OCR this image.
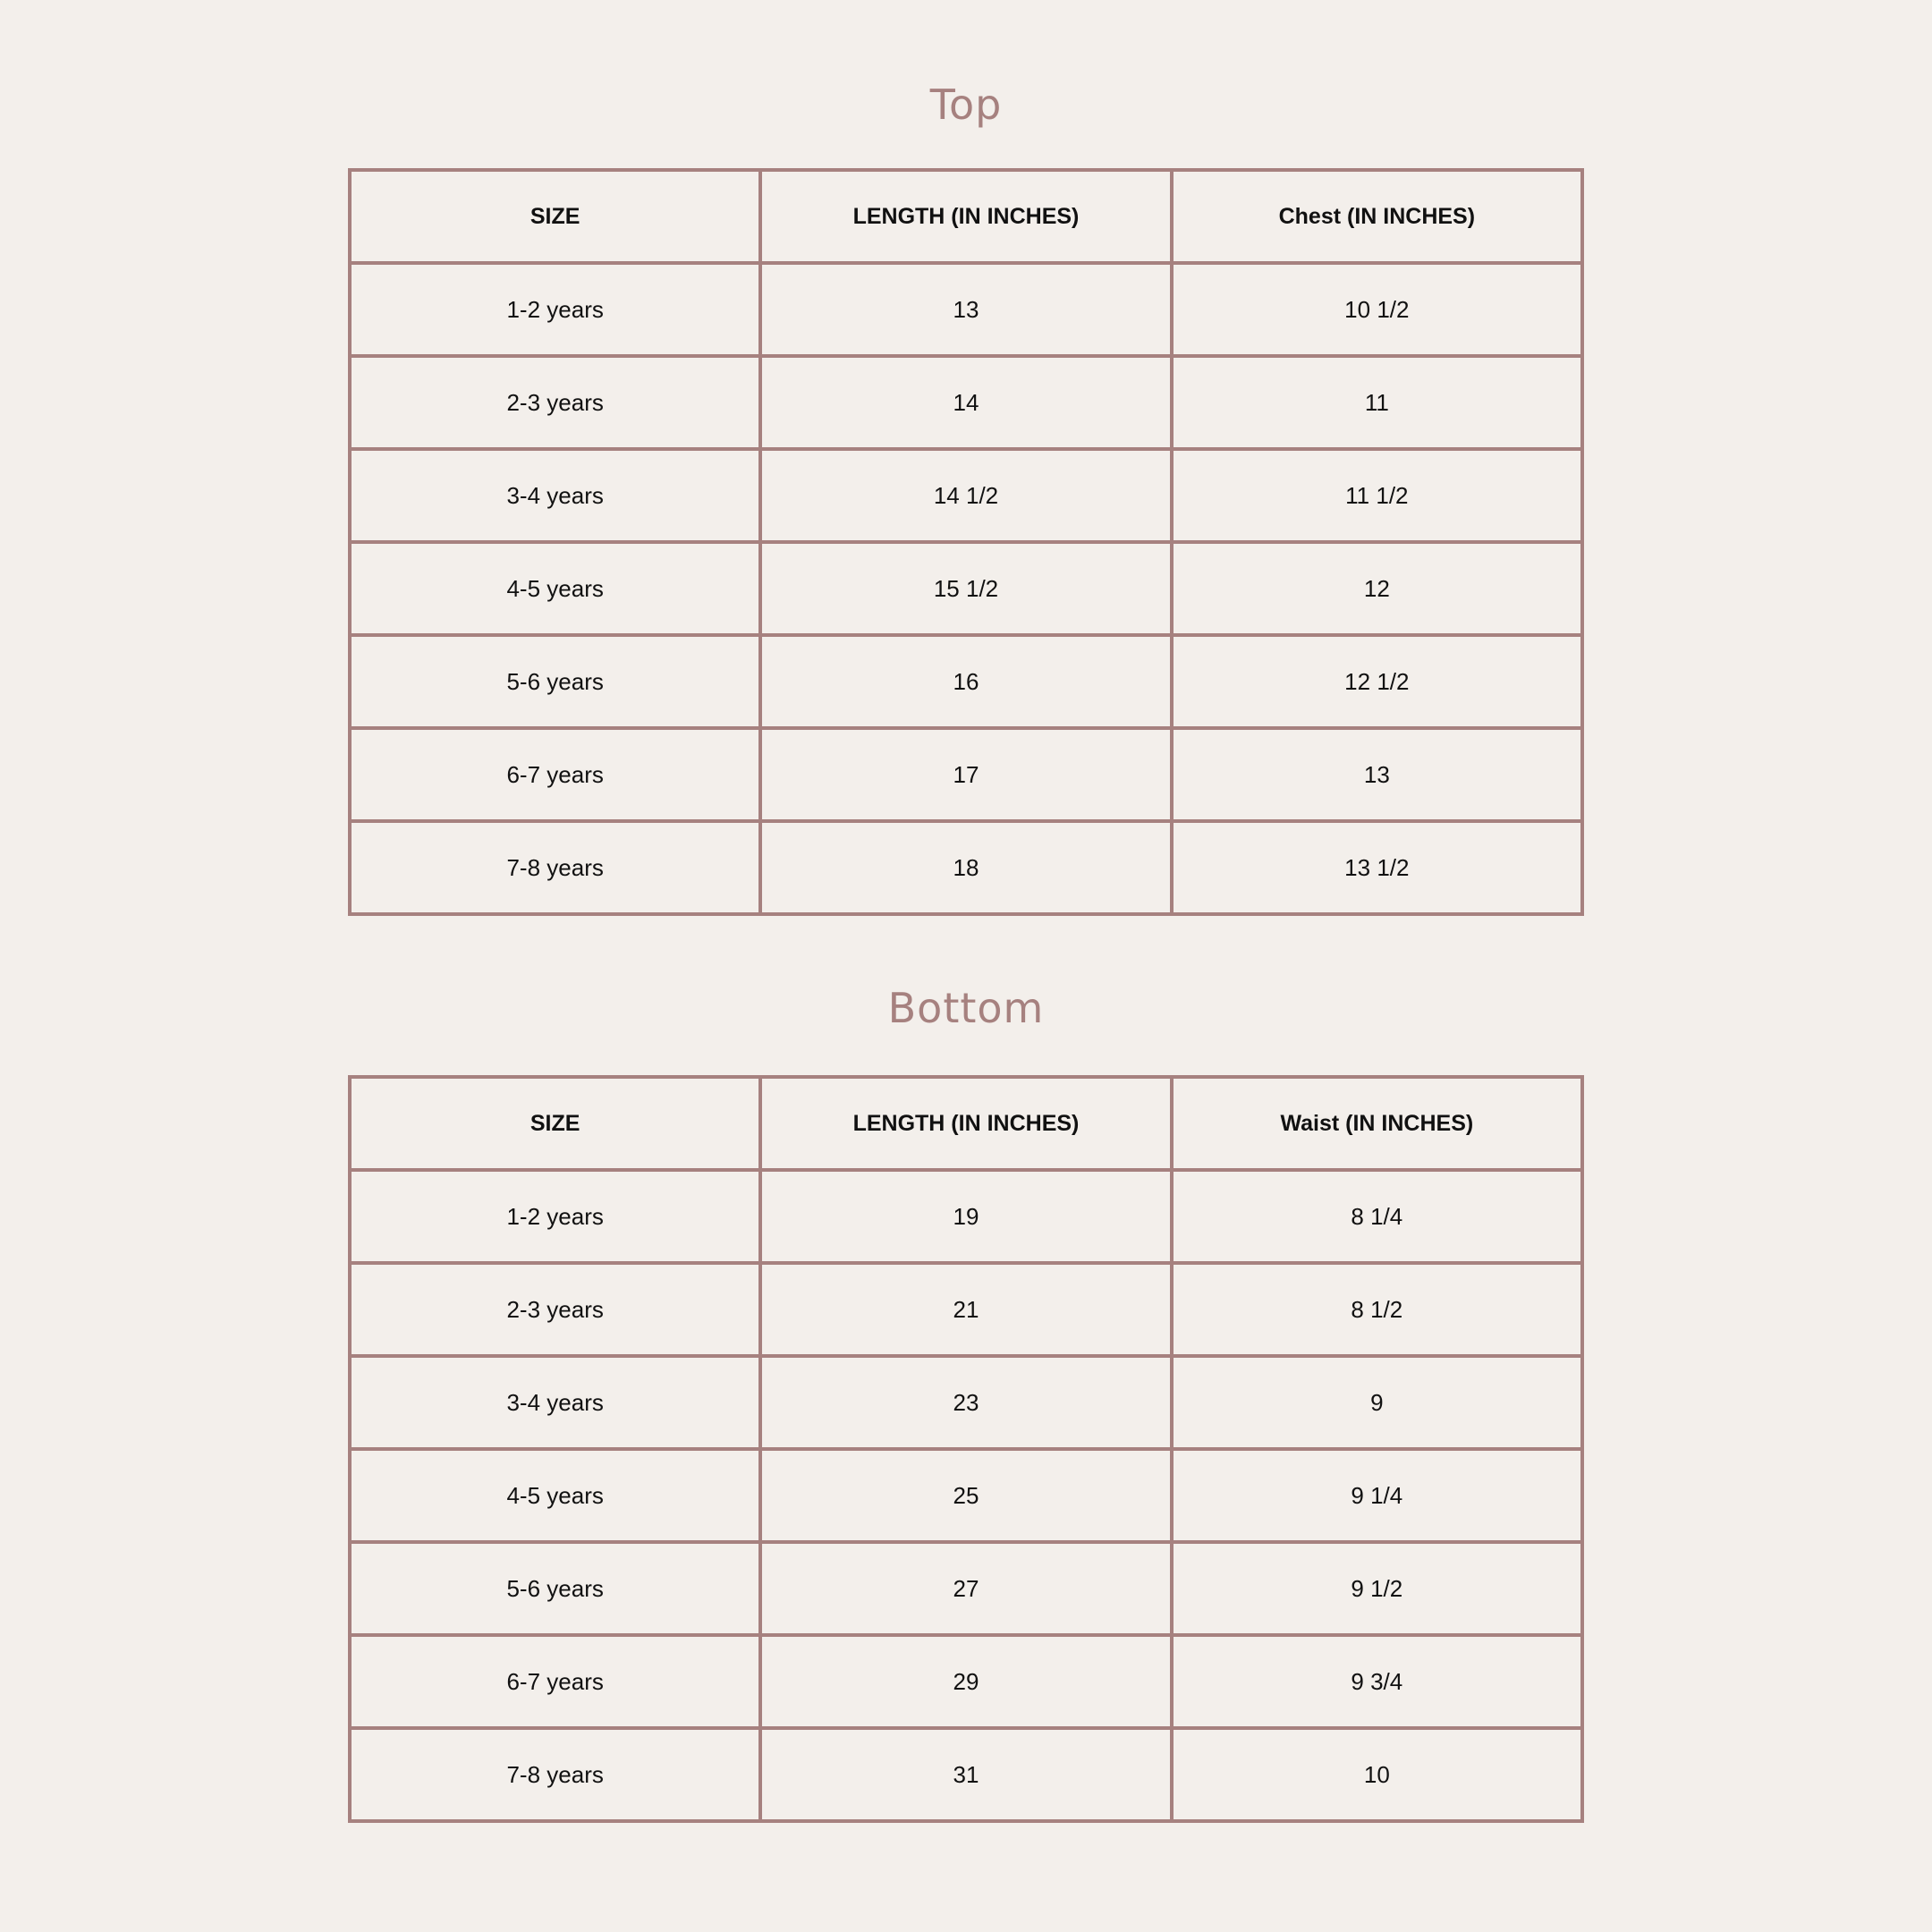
Top
SIZE	LENGTH (IN INCHES)	Chest (IN INCHES)
1-2 years	13	10 1/2
2-3 years	14	11
3-4 years	14 1/2	11 1/2
4-5 years	15 1/2	12
5-6 years	16	12 1/2
6-7 years	17	13
7-8 years	18	13 1/2
Bottom
SIZE	LENGTH (IN INCHES)	Waist (IN INCHES)
1-2 years	19	8 1/4
2-3 years	21	8 1/2
3-4 years	23	9
4-5 years	25	9 1/4
5-6 years	27	9 1/2
6-7 years	29	9 3/4
7-8 years	31	10
